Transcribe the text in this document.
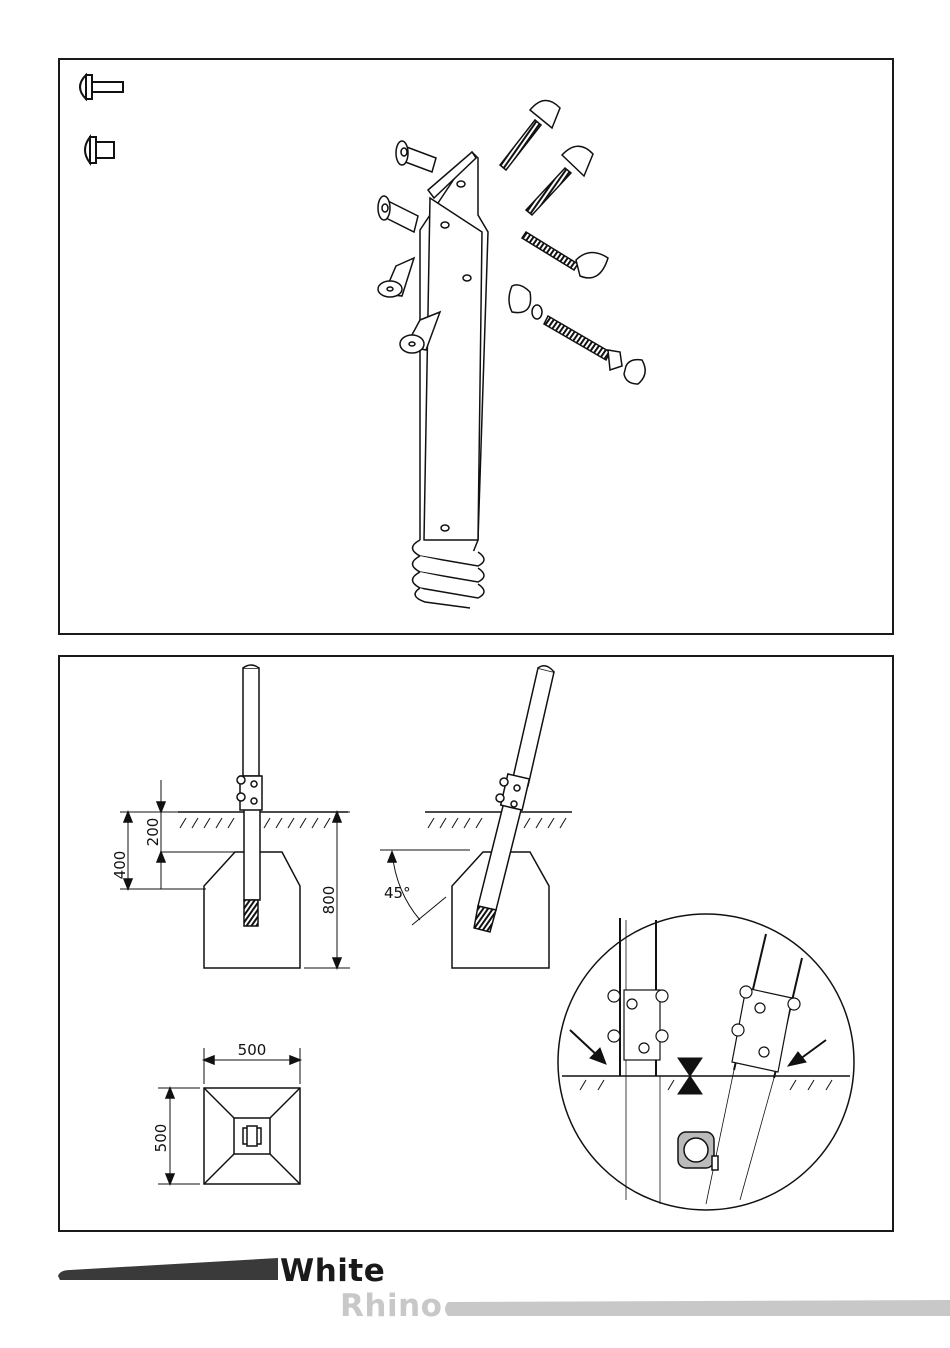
400
200
800	45°
500
500
White
Rhino
